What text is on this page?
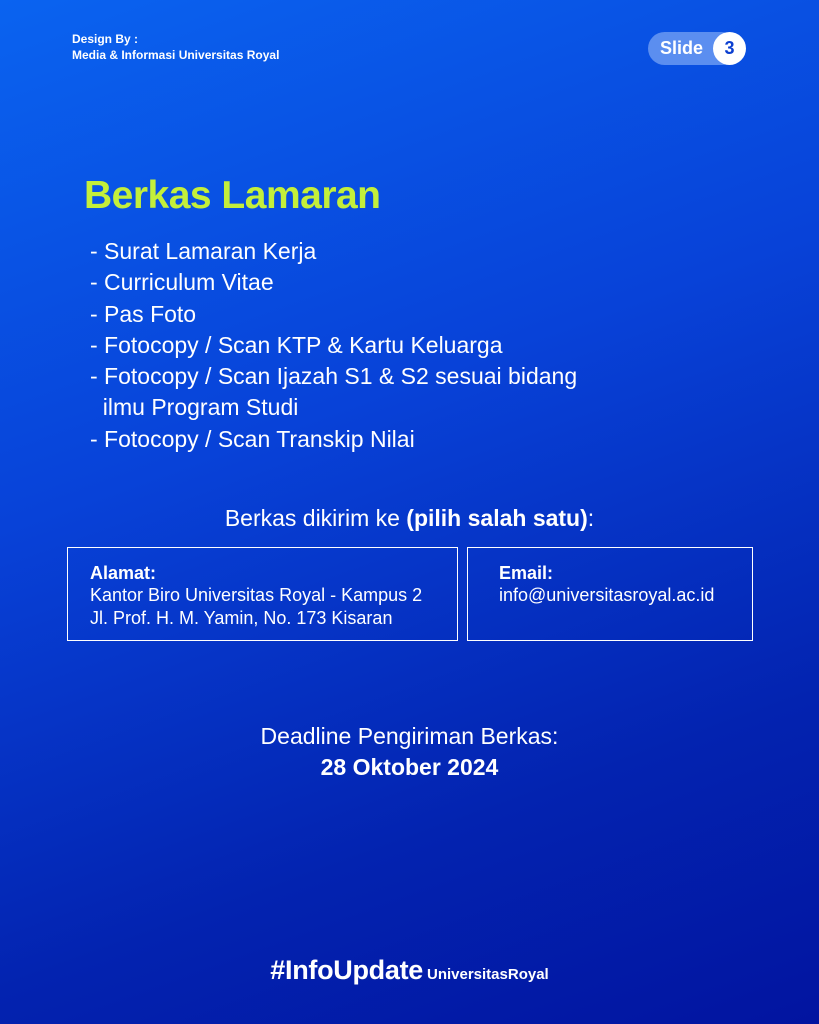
Design By :
Media & Informasi Universitas Royal	Slide	3
Berkas Lamaran
- Surat Lamaran Kerja
- Curriculum Vitae
- Pas Foto
- Fotocopy / Scan KTP & Kartu Keluarga
- Fotocopy / Scan Ijazah S1 & S2 sesuai bidang
ilmu Program Studi
- Fotocopy / Scan Transkip Nilai
Berkas dikirim ke (pilih salah satu):
Alamat:
Kantor Biro Universitas Royal - Kampus 2
Jl. Prof. H. M. Yamin, No. 173 Kisaran
Email:
info@universitasroyal.ac.id
Deadline Pengiriman Berkas:
28 Oktober 2024
#InfoUpdate UniversitasRoyal
